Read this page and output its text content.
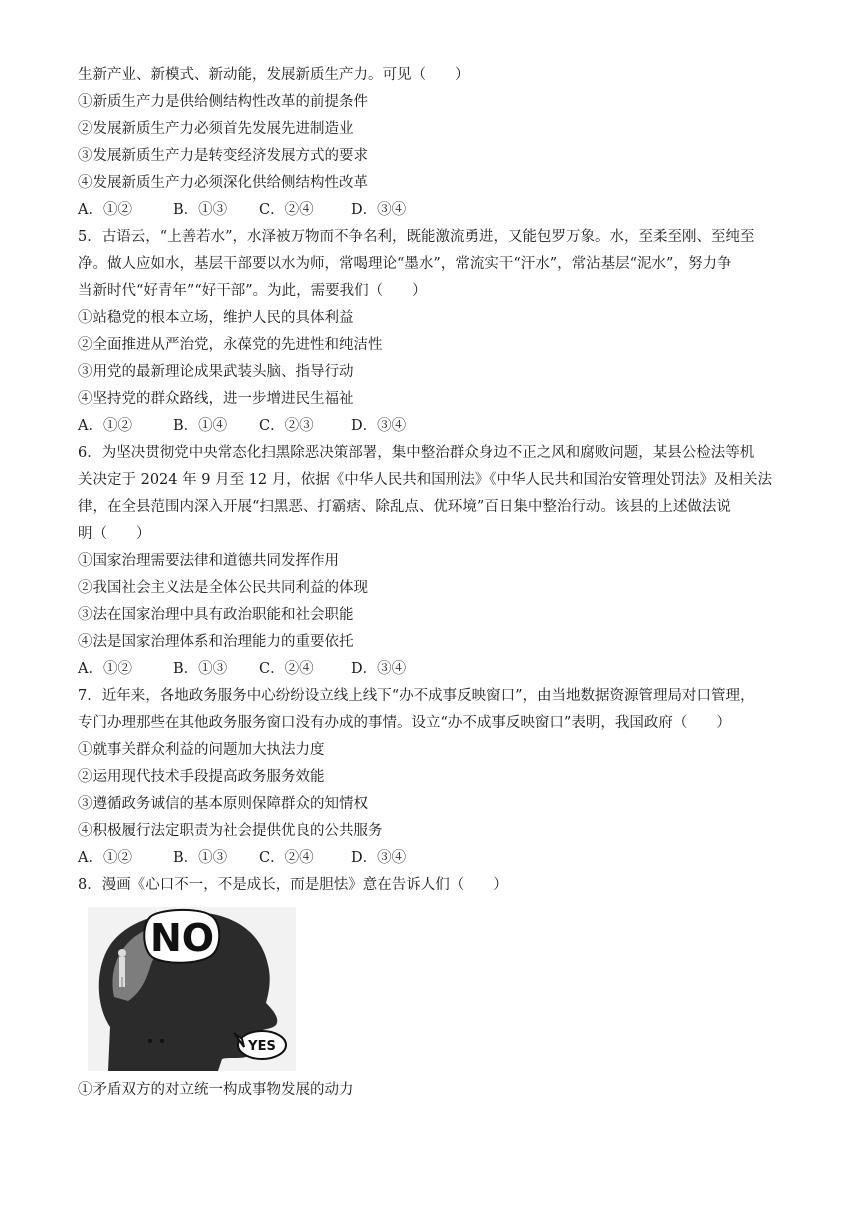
生新产业、新模式、新动能，发展新质生产力。可见（　　）
①新质生产力是供给侧结构性改革的前提条件
②发展新质生产力必须首先发展先进制造业
③发展新质生产力是转变经济发展方式的要求
④发展新质生产力必须深化供给侧结构性改革
A．①②	B．①③	C．②④	D．③④
5．古语云，“上善若水”，水泽被万物而不争名利，既能激流勇进，又能包罗万象。水，至柔至刚、至纯至
净。做人应如水，基层干部要以水为师，常喝理论“墨水”，常流实干“汗水”，常沾基层“泥水”，努力争
当新时代“好青年”“好干部”。为此，需要我们（　　）
①站稳党的根本立场，维护人民的具体利益
②全面推进从严治党，永葆党的先进性和纯洁性
③用党的最新理论成果武装头脑、指导行动
④坚持党的群众路线，进一步增进民生福祉
A．①②	B．①④	C．②③	D．③④
6．为坚决贯彻党中央常态化扫黑除恶决策部署，集中整治群众身边不正之风和腐败问题，某县公检法等机
关决定于 2024 年 9 月至 12 月，依据《中华人民共和国刑法》《中华人民共和国治安管理处罚法》及相关法
律，在全县范围内深入开展“扫黑恶、打霸痞、除乱点、优环境”百日集中整治行动。该县的上述做法说
明（　　）
①国家治理需要法律和道德共同发挥作用
②我国社会主义法是全体公民共同利益的体现
③法在国家治理中具有政治职能和社会职能
④法是国家治理体系和治理能力的重要依托
A．①②	B．①③	C．②④	D．③④
7．近年来，各地政务服务中心纷纷设立线上线下“办不成事反映窗口”，由当地数据资源管理局对口管理，
专门办理那些在其他政务服务窗口没有办成的事情。设立“办不成事反映窗口”表明，我国政府（　　）
①就事关群众利益的问题加大执法力度
②运用现代技术手段提高政务服务效能
③遵循政务诚信的基本原则保障群众的知情权
④积极履行法定职责为社会提供优良的公共服务
A．①②	B．①③	C．②④	D．③④
8．漫画《心口不一，不是成长，而是胆怯》意在告诉人们（　　）
NO
YES
①矛盾双方的对立统一构成事物发展的动力
